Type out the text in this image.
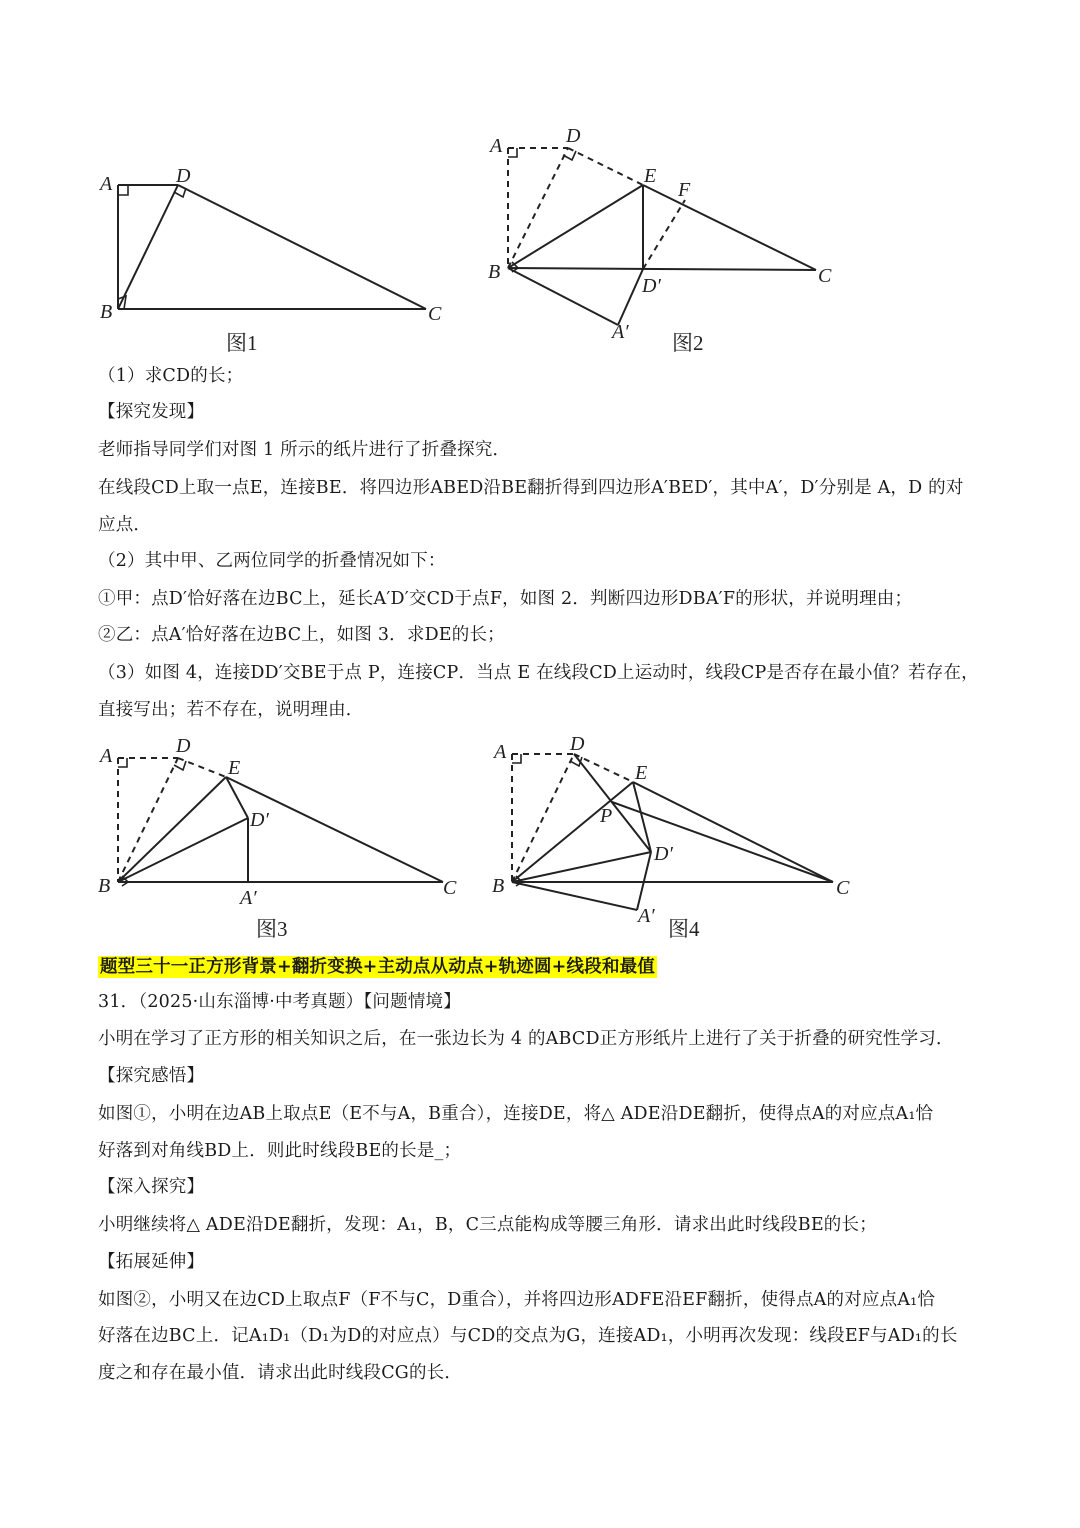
A
B	C
D
图1
A	D
E
F
B	C
D′
A′ 图2
A	D
E
D′
B	C
A′
图3
A	D
E
P
D′
B	C
A′
图4
（1）求CD的长；
【探究发现】
老师指导同学们对图 1 所示的纸片进行了折叠探究．
在线段CD上取一点E，连接BE．将四边形ABED沿BE翻折得到四边形A′BED′，其中A′，D′分别是 A，D 的对
应点．
（2）其中甲、乙两位同学的折叠情况如下：
①甲：点D′恰好落在边BC上，延长A′D′交CD于点F，如图 2．判断四边形DBA′F的形状，并说明理由；
②乙：点A′恰好落在边BC上，如图 3．求DE的长；
（3）如图 4，连接DD′交BE于点 P，连接CP．当点 E 在线段CD上运动时，线段CP是否存在最小值？若存在，
直接写出；若不存在，说明理由．
题型三十一正方形背景+翻折变换+主动点从动点+轨迹圆+线段和最值
31．（2025·山东淄博·中考真题）【问题情境】
小明在学习了正方形的相关知识之后，在一张边长为 4 的ABCD正方形纸片上进行了关于折叠的研究性学习．
【探究感悟】
如图①，小明在边AB上取点E（E不与A，B重合），连接DE，将△ ADE沿DE翻折，使得点A的对应点A₁恰
好落到对角线BD上．则此时线段BE的长是_；
【深入探究】
小明继续将△ ADE沿DE翻折，发现：A₁，B，C三点能构成等腰三角形．请求出此时线段BE的长；
【拓展延伸】
如图②，小明又在边CD上取点F（F不与C，D重合），并将四边形ADFE沿EF翻折，使得点A的对应点A₁恰
好落在边BC上．记A₁D₁（D₁为D的对应点）与CD的交点为G，连接AD₁，小明再次发现：线段EF与AD₁的长
度之和存在最小值．请求出此时线段CG的长．
